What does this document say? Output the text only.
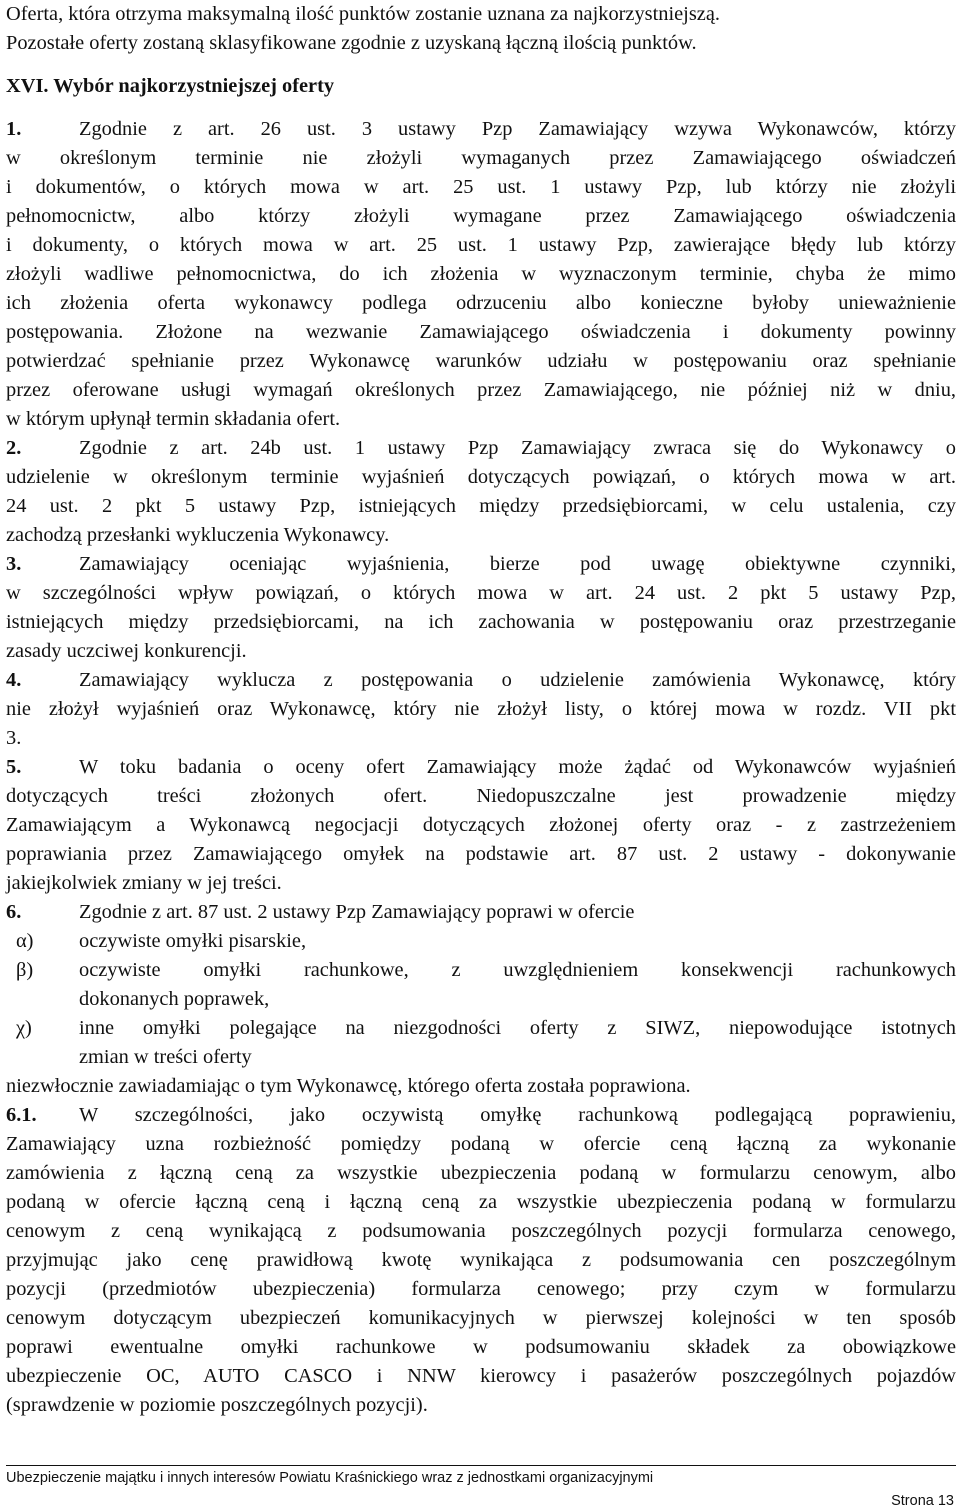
Oferta, która otrzyma maksymalną ilość punktów zostanie uznana za najkorzystniejszą.
Pozostałe oferty zostaną sklasyfikowane zgodnie z uzyskaną łączną ilością punktów.
XVI. Wybór najkorzystniejszej oferty
1.	Zgodnie z art. 26 ust. 3 ustawy Pzp Zamawiający wzywa Wykonawców, którzy
w określonym terminie nie złożyli wymaganych przez Zamawiającego oświadczeń
i dokumentów, o których mowa w art. 25 ust. 1 ustawy Pzp, lub którzy nie złożyli
pełnomocnictw, albo którzy złożyli wymagane przez Zamawiającego oświadczenia
i dokumenty, o których mowa w art. 25 ust. 1 ustawy Pzp, zawierające błędy lub którzy
złożyli wadliwe pełnomocnictwa, do ich złożenia w wyznaczonym terminie, chyba że mimo
ich złożenia oferta wykonawcy podlega odrzuceniu albo konieczne byłoby unieważnienie
postępowania. Złożone na wezwanie Zamawiającego oświadczenia i dokumenty powinny
potwierdzać spełnianie przez Wykonawcę warunków udziału w postępowaniu oraz spełnianie
przez oferowane usługi wymagań określonych przez Zamawiającego, nie później niż w dniu,
w którym upłynął termin składania ofert.
2.	Zgodnie z art. 24b ust. 1 ustawy Pzp Zamawiający zwraca się do Wykonawcy o
udzielenie w określonym terminie wyjaśnień dotyczących powiązań, o których mowa w art.
24 ust. 2 pkt 5 ustawy Pzp, istniejących między przedsiębiorcami, w celu ustalenia, czy
zachodzą przesłanki wykluczenia Wykonawcy.
3.	Zamawiający oceniając wyjaśnienia, bierze pod uwagę obiektywne czynniki,
w szczególności wpływ powiązań, o których mowa w art. 24 ust. 2 pkt 5 ustawy Pzp,
istniejących między przedsiębiorcami, na ich zachowania w postępowaniu oraz przestrzeganie
zasady uczciwej konkurencji.
4.	Zamawiający wyklucza z postępowania o udzielenie zamówienia Wykonawcę, który
nie złożył wyjaśnień oraz Wykonawcę, który nie złożył listy, o której mowa w rozdz. VII pkt
3.
5.	W toku badania o oceny ofert Zamawiający może żądać od Wykonawców wyjaśnień
dotyczących treści złożonych ofert. Niedopuszczalne jest prowadzenie między
Zamawiającym a Wykonawcą negocjacji dotyczących złożonej oferty oraz - z zastrzeżeniem
poprawiania przez Zamawiającego omyłek na podstawie art. 87 ust. 2 ustawy - dokonywanie
jakiejkolwiek zmiany w jej treści.
6.	Zgodnie z art. 87 ust. 2 ustawy Pzp Zamawiający poprawi w ofercie
α) oczywiste omyłki pisarskie,
β) oczywiste omyłki rachunkowe, z uwzględnieniem konsekwencji rachunkowych
dokonanych poprawek,
χ) inne omyłki polegające na niezgodności oferty z SIWZ, niepowodujące istotnych
zmian w treści oferty
niezwłocznie zawiadamiając o tym Wykonawcę, którego oferta została poprawiona.
6.1. W szczególności, jako oczywistą omyłkę rachunkową podlegającą poprawieniu,
Zamawiający uzna rozbieżność pomiędzy podaną w ofercie ceną łączną za wykonanie
zamówienia z łączną ceną za wszystkie ubezpieczenia podaną w formularzu cenowym, albo
podaną w ofercie łączną ceną i łączną ceną za wszystkie ubezpieczenia podaną w formularzu
cenowym z ceną wynikającą z podsumowania poszczególnych pozycji formularza cenowego,
przyjmując jako cenę prawidłową kwotę wynikająca z podsumowania cen poszczególnym
pozycji (przedmiotów ubezpieczenia) formularza cenowego; przy czym w formularzu
cenowym dotyczącym ubezpieczeń komunikacyjnych w pierwszej kolejności w ten sposób
poprawi ewentualne omyłki rachunkowe w podsumowaniu składek za obowiązkowe
ubezpieczenie OC, AUTO CASCO i NNW kierowcy i pasażerów poszczególnych pojazdów
(sprawdzenie w poziomie poszczególnych pozycji).
Ubezpieczenie majątku i innych interesów Powiatu Kraśnickiego wraz z jednostkami organizacyjnymi
Strona 13
